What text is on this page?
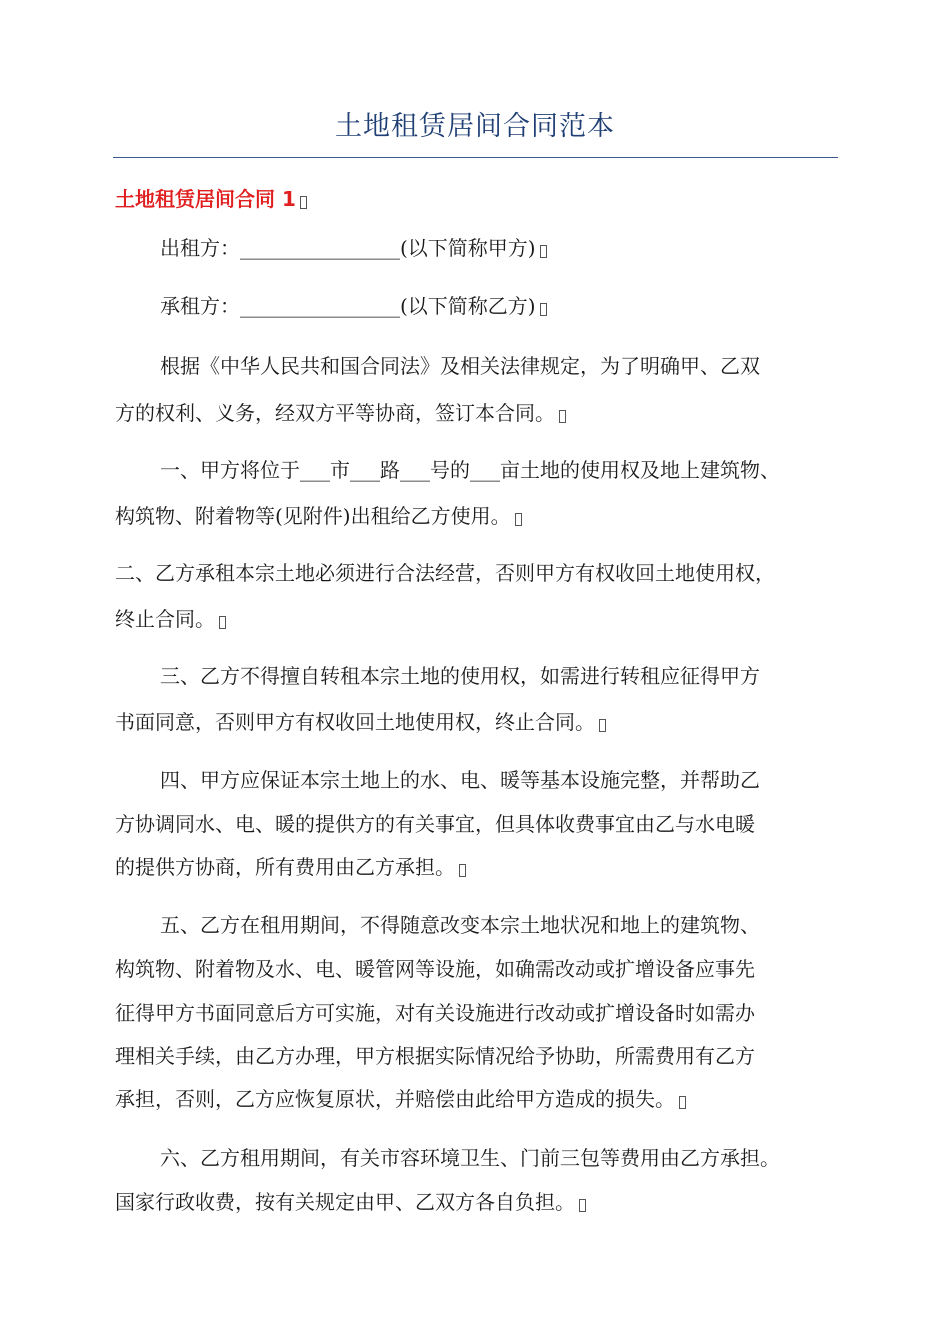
土地租赁居间合同范本
土地租赁居间合同 1
出租方：________________(以下简称甲方)
承租方：________________(以下简称乙方)
根据《中华人民共和国合同法》及相关法律规定，为了明确甲、乙双
方的权利、义务，经双方平等协商，签订本合同。
一、甲方将位于___市___路___号的___亩土地的使用权及地上建筑物、
构筑物、附着物等(见附件)出租给乙方使用。
二、乙方承租本宗土地必须进行合法经营，否则甲方有权收回土地使用权，
终止合同。
三、乙方不得擅自转租本宗土地的使用权，如需进行转租应征得甲方
书面同意，否则甲方有权收回土地使用权，终止合同。
四、甲方应保证本宗土地上的水、电、暖等基本设施完整，并帮助乙
方协调同水、电、暖的提供方的有关事宜，但具体收费事宜由乙与水电暖
的提供方协商，所有费用由乙方承担。
五、乙方在租用期间，不得随意改变本宗土地状况和地上的建筑物、
构筑物、附着物及水、电、暖管网等设施，如确需改动或扩增设备应事先
征得甲方书面同意后方可实施，对有关设施进行改动或扩增设备时如需办
理相关手续，由乙方办理，甲方根据实际情况给予协助，所需费用有乙方
承担，否则，乙方应恢复原状，并赔偿由此给甲方造成的损失。
六、乙方租用期间，有关市容环境卫生、门前三包等费用由乙方承担。
国家行政收费，按有关规定由甲、乙双方各自负担。
